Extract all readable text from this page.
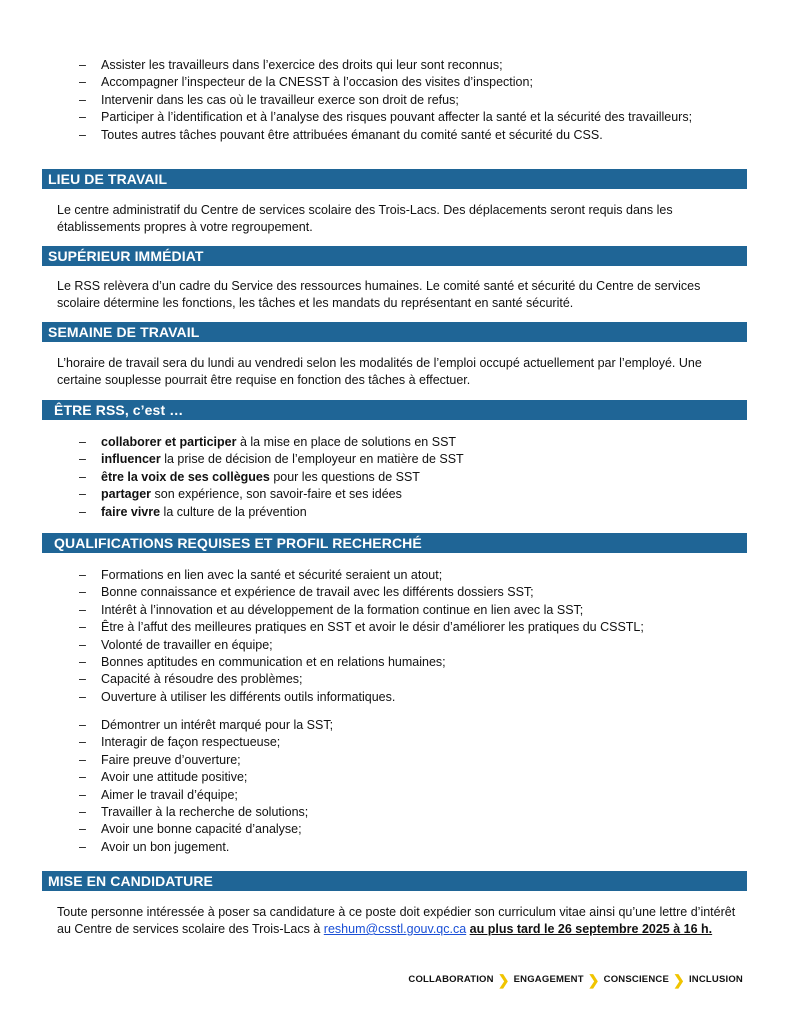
– Assister les travailleurs dans l’exercice des droits qui leur sont reconnus;
– Accompagner l’inspecteur de la CNESST à l’occasion des visites d’inspection;
– Intervenir dans les cas où le travailleur exerce son droit de refus;
– Participer à l’identification et à l’analyse des risques pouvant affecter la santé et la sécurité des travailleurs;
– Toutes autres tâches pouvant être attribuées émanant du comité santé et sécurité du CSS.
LIEU DE TRAVAIL

Le centre administratif du Centre de services scolaire des Trois-Lacs. Des déplacements seront requis dans les établissements propres à votre regroupement.

SUPÉRIEUR IMMÉDIAT

Le RSS relèvera d’un cadre du Service des ressources humaines. Le comité santé et sécurité du Centre de services scolaire détermine les fonctions, les tâches et les mandats du représentant en santé sécurité.

SEMAINE DE TRAVAIL

L’horaire de travail sera du lundi au vendredi selon les modalités de l’emploi occupé actuellement par l’employé. Une certaine souplesse pourrait être requise en fonction des tâches à effectuer.

ÊTRE RSS, c’est …
– collaborer et participer à la mise en place de solutions en SST
– influencer la prise de décision de l’employeur en matière de SST
– être la voix de ses collègues pour les questions de SST
– partager son expérience, son savoir-faire et ses idées
– faire vivre la culture de la prévention
QUALIFICATIONS REQUISES ET PROFIL RECHERCHÉ
– Formations en lien avec la santé et sécurité seraient un atout;
– Bonne connaissance et expérience de travail avec les différents dossiers SST;
– Intérêt à l’innovation et au développement de la formation continue en lien avec la SST;
– Être à l’affut des meilleures pratiques en SST et avoir le désir d’améliorer les pratiques du CSSTL;
– Volonté de travailler en équipe;
– Bonnes aptitudes en communication et en relations humaines;
– Capacité à résoudre des problèmes;
– Ouverture à utiliser les différents outils informatiques.
– Démontrer un intérêt marqué pour la SST;
– Interagir de façon respectueuse;
– Faire preuve d’ouverture;
– Avoir une attitude positive;
– Aimer le travail d’équipe;
– Travailler à la recherche de solutions;
– Avoir une bonne capacité d’analyse;
– Avoir un bon jugement.
MISE EN CANDIDATURE

Toute personne intéressée à poser sa candidature à ce poste doit expédier son curriculum vitae ainsi qu’une lettre d’intérêt au Centre de services scolaire des Trois-Lacs à reshum@csstl.gouv.qc.ca au plus tard le 26 septembre 2025 à 16 h.

COLLABORATION ❯ ENGAGEMENT ❯ CONSCIENCE ❯ INCLUSION
